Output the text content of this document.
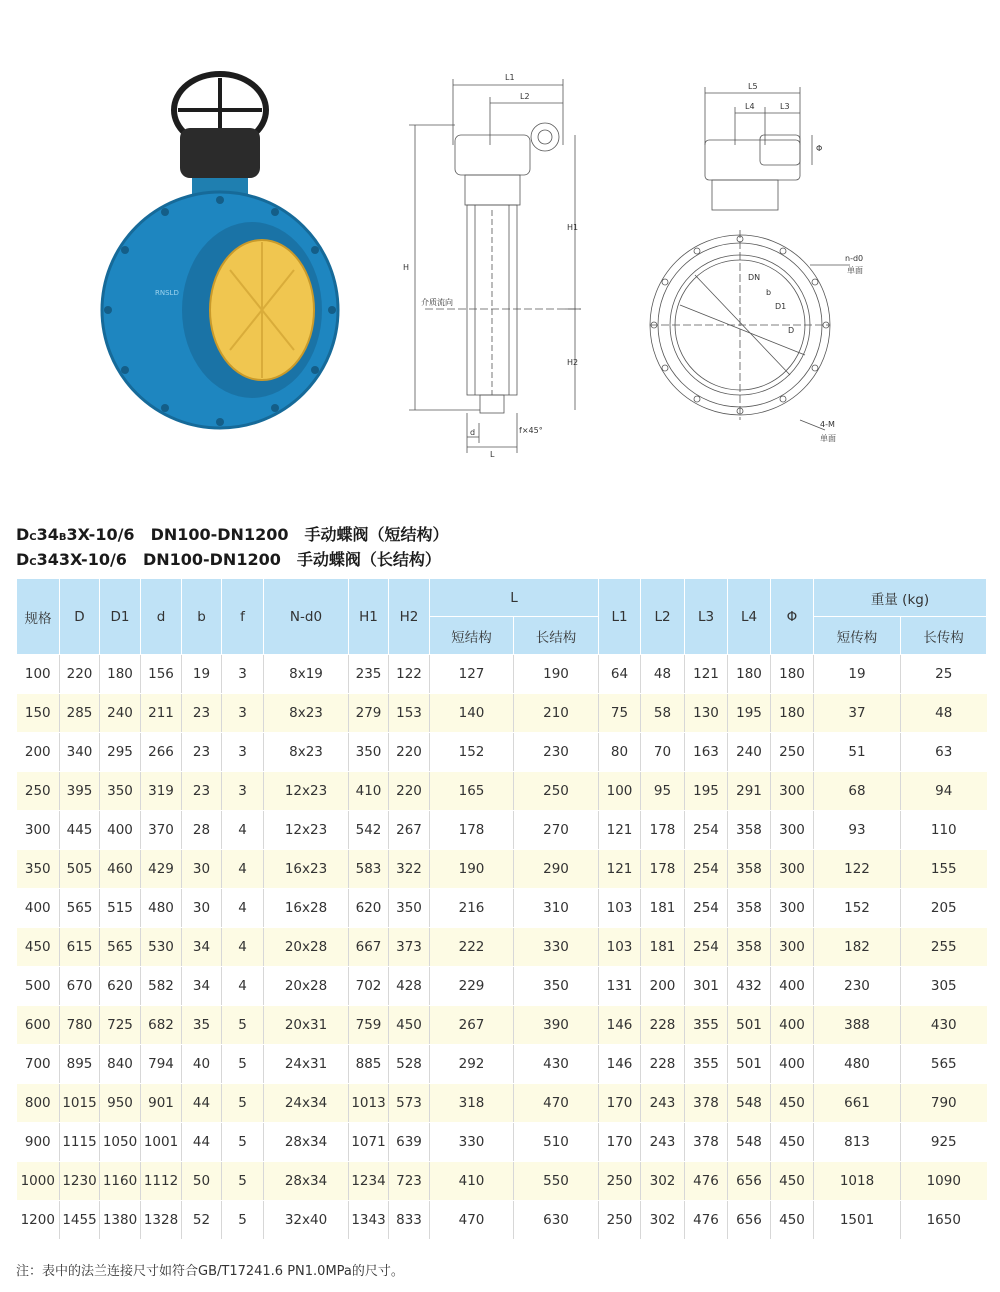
RNSLD
L1
L2
H
H1
H2
介质流向
d
L
f×45°
L5
L4	L3
Φ
n-d0
单面
DN
b
D1
D
4-M
单面
DC34B3X-10/6 DN100-DN1200 手动蝶阀（短结构）
DC343X-10/6 DN100-DN1200 手动蝶阀（长结构）
规格	D	D1	d	b	f	N-d0	H1	H2	L		L1	L2	L3	L4	Φ	重量 (kg)	
									短结构	长结构						短传构	长传构
100	220	180	156	19	3	8x19	235	122	127	190	64	48	121	180	180	19	25
150	285	240	211	23	3	8x23	279	153	140	210	75	58	130	195	180	37	48
200	340	295	266	23	3	8x23	350	220	152	230	80	70	163	240	250	51	63
250	395	350	319	23	3	12x23	410	220	165	250	100	95	195	291	300	68	94
300	445	400	370	28	4	12x23	542	267	178	270	121	178	254	358	300	93	110
350	505	460	429	30	4	16x23	583	322	190	290	121	178	254	358	300	122	155
400	565	515	480	30	4	16x28	620	350	216	310	103	181	254	358	300	152	205
450	615	565	530	34	4	20x28	667	373	222	330	103	181	254	358	300	182	255
500	670	620	582	34	4	20x28	702	428	229	350	131	200	301	432	400	230	305
600	780	725	682	35	5	20x31	759	450	267	390	146	228	355	501	400	388	430
700	895	840	794	40	5	24x31	885	528	292	430	146	228	355	501	400	480	565
800	1015	950	901	44	5	24x34	1013	573	318	470	170	243	378	548	450	661	790
900	1115	1050	1001	44	5	28x34	1071	639	330	510	170	243	378	548	450	813	925
1000	1230	1160	1112	50	5	28x34	1234	723	410	550	250	302	476	656	450	1018	1090
1200	1455	1380	1328	52	5	32x40	1343	833	470	630	250	302	476	656	450	1501	1650
注：表中的法兰连接尺寸如符合GB/T17241.6 PN1.0MPa的尺寸。
